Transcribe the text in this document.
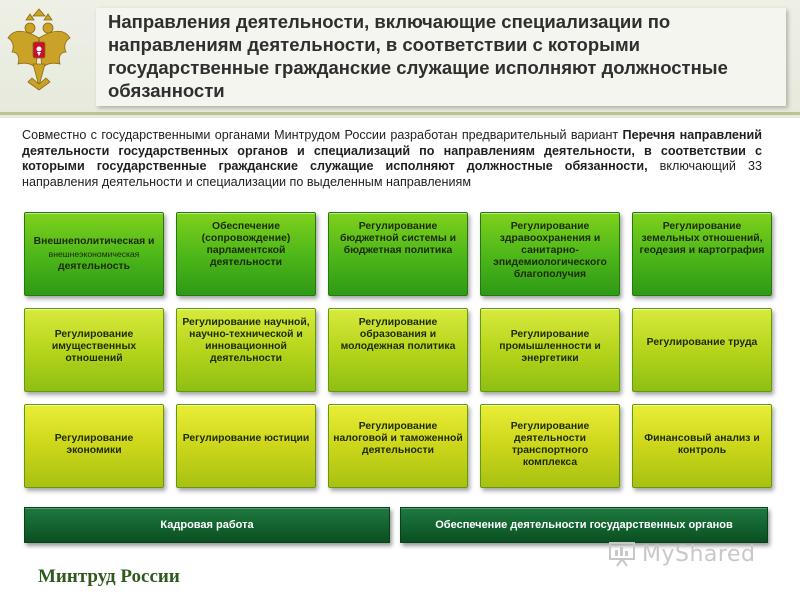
Направления деятельности, включающие специализации по направлениям деятельности, в соответствии с которыми государственные гражданские служащие исполняют должностные обязанности
Совместно с государственными органами Минтрудом России разработан предварительный вариант Перечня направлений деятельности государственных органов и специализаций по направлениям деятельности, в соответствии с которыми государственные гражданские служащие исполняют должностные обязанности, включающий 33 направления деятельности и специализации по выделенным направлениям
Внешнеполитическая и
внешнеэкономическая
деятельность
Обеспечение (сопровождение) парламентской деятельности
Регулирование бюджетной системы и бюджетная политика
Регулирование здравоохранения и санитарно-эпидемиологического благополучия
Регулирование земельных отношений, геодезия и картография
Регулирование имущественных отношений
Регулирование научной, научно-технической и инновационной деятельности
Регулирование образования и молодежная политика
Регулирование промышленности и энергетики
Регулирование труда
Регулирование экономики
Регулирование юстиции
Регулирование налоговой и таможенной деятельности
Регулирование деятельности транспортного комплекса
Финансовый анализ и контроль
Кадровая работа	Обеспечение деятельности государственных органов
Минтруд России
MyShared
